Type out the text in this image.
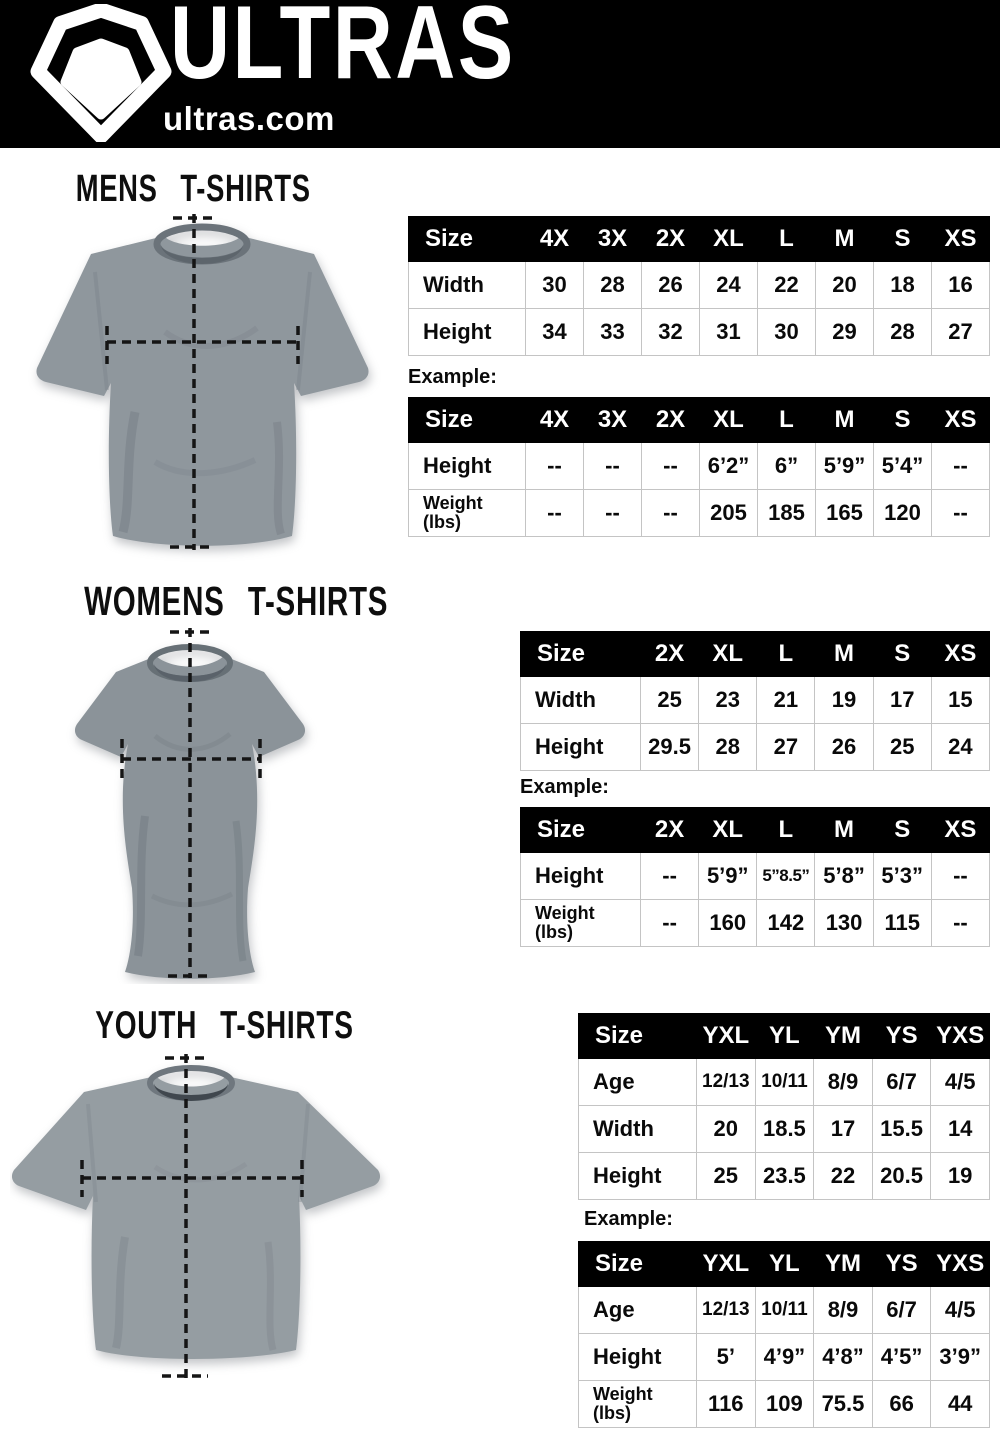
ULTRAS
ultras.com
MENS T-SHIRTS
WOMENS T-SHIRTS
YOUTH T-SHIRTS
Size	4X	3X	2X	XL	L	M	S	XS

Width	30	28	26	24	22	20	18	16

Height	34	33	32	31	30	29	28	27
Example:
Size	4X	3X	2X	XL	L	M	S	XS

Height	--	--	--	6’2”	6”	5’9”	5’4”	--

Weight
(lbs)	--	--	--	205	185	165	120	--
Size	2X	XL	L	M	S	XS

Width	25	23	21	19	17	15

Height	29.5	28	27	26	25	24
Example:
Size	2X	XL	L	M	S	XS

Height	--	5’9”	5”8.5”	5’8”	5’3”	--

Weight
(lbs)	--	160	142	130	115	--
Size	YXL	YL	YM	YS	YXS

Age	12/13	10/11	8/9	6/7	4/5

Width	20	18.5	17	15.5	14

Height	25	23.5	22	20.5	19
Example:
Size	YXL	YL	YM	YS	YXS

Age	12/13	10/11	8/9	6/7	4/5

Height	5’	4’9”	4’8”	4’5”	3’9”

Weight
(lbs)	116	109	75.5	66	44
